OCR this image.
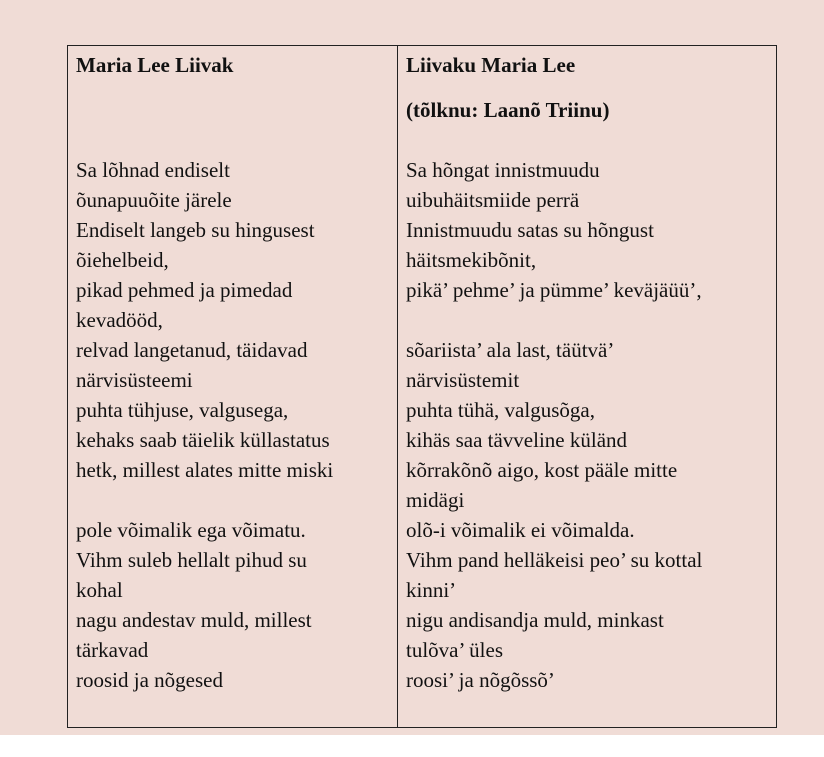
Maria Lee Liivak
Sa lõhnad endiselt
õunapuuõite järele
Endiselt langeb su hingusest
õiehelbeid,
pikad pehmed ja pimedad
kevadööd,
relvad langetanud, täidavad
närvisüsteemi
puhta tühjuse, valgusega,
kehaks saab täielik küllastatus
hetk, millest alates mitte miski
pole võimalik ega võimatu.
Vihm suleb hellalt pihud su
kohal
nagu andestav muld, millest
tärkavad
roosid ja nõgesed
Liivaku Maria Lee
(tõlknu: Laanõ Triinu)
Sa hõngat innistmuudu
uibuhäitsmiide perrä
Innistmuudu satas su hõngust
häitsmekibõnit,
pikä’ pehme’ ja pümme’ keväjäüü’,
sõariista’ ala last, täütvä’
närvisüstemit
puhta tühä, valgusõga,
kihäs saa tävveline küländ
kõrrakõnõ aigo, kost pääle mitte
midägi
olõ-i võimalik ei võimalda.
Vihm pand helläkeisi peo’ su kottal
kinni’
nigu andisandja muld, minkast
tulõva’ üles
roosi’ ja nõgõssõ’
